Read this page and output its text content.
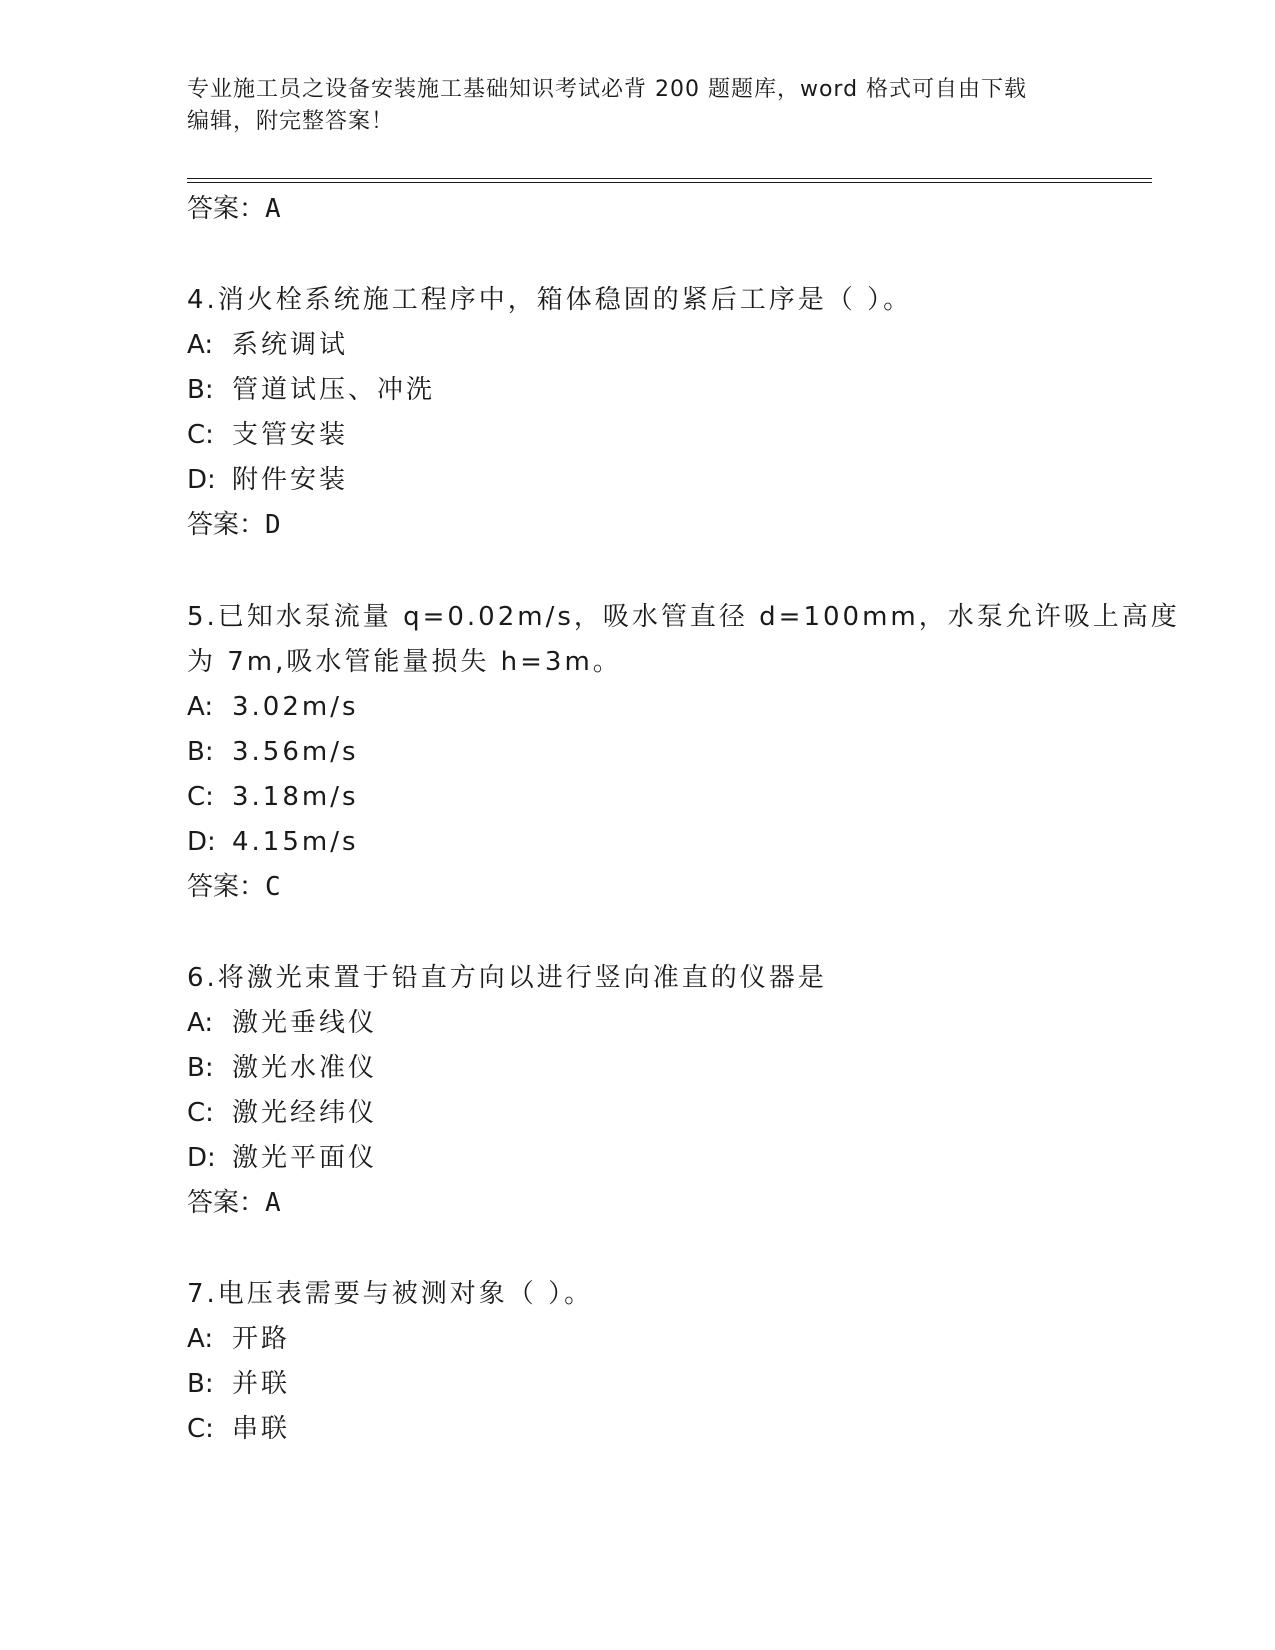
专业施工员之设备安装施工基础知识考试必背 200 题题库，word 格式可自由下载
编辑，附完整答案！
答案：A
4.消火栓系统施工程序中，箱体稳固的紧后工序是（ ）。
A: 系统调试
B: 管道试压、冲洗
C: 支管安装
D: 附件安装
答案：D
5.已知水泵流量 q=0.02m/s，吸水管直径 d=100mm，水泵允许吸上高度
为 7m,吸水管能量损失 h=3m。
A: 3.02m/s
B: 3.56m/s
C: 3.18m/s
D: 4.15m/s
答案：C
6.将激光束置于铅直方向以进行竖向准直的仪器是
A: 激光垂线仪
B: 激光水准仪
C: 激光经纬仪
D: 激光平面仪
答案：A
7.电压表需要与被测对象（ ）。
A: 开路
B: 并联
C: 串联
